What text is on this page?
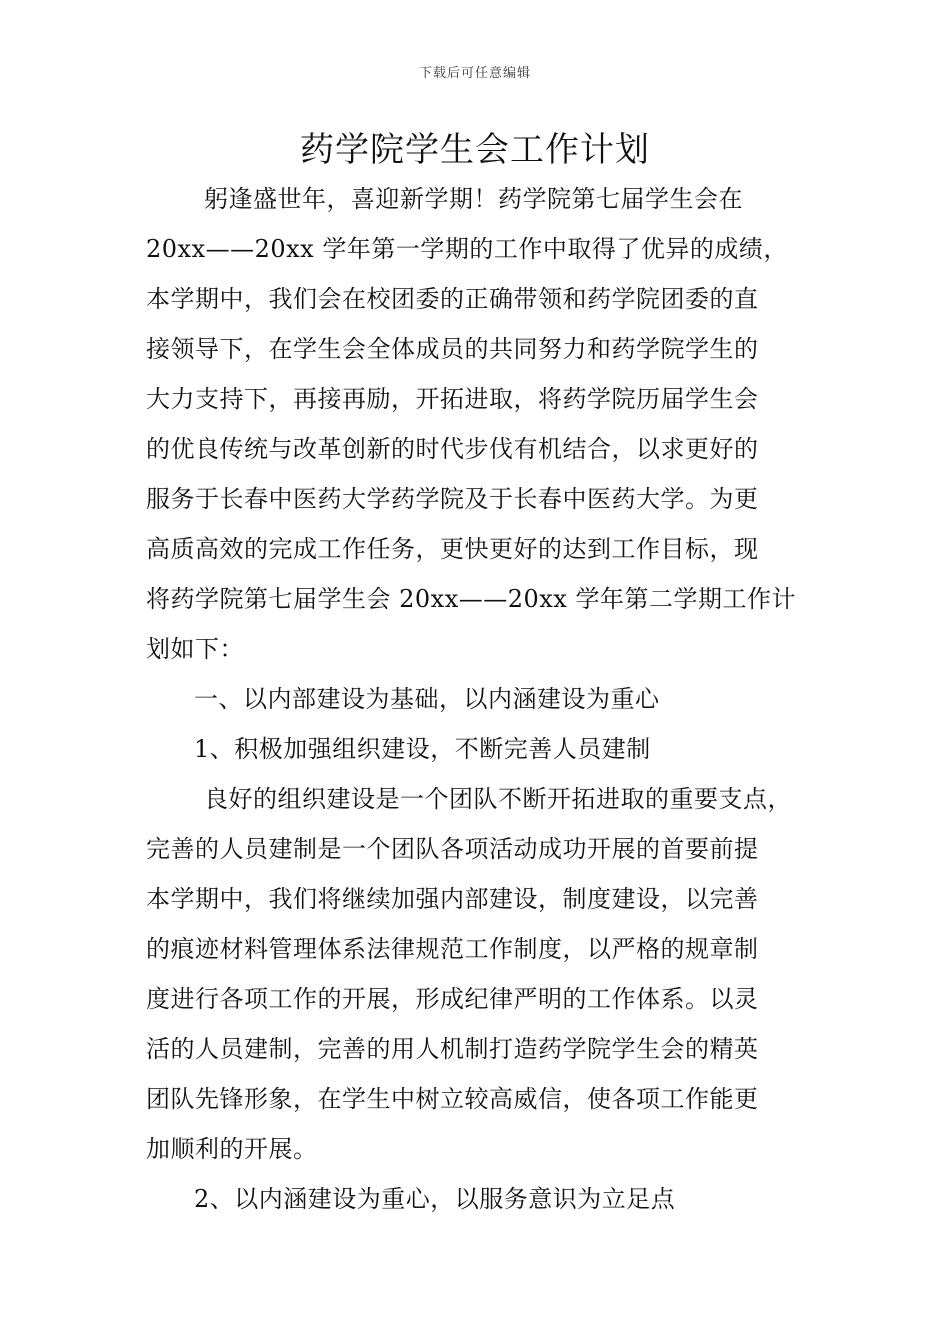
下载后可任意编辑
药学院学生会工作计划
躬逢盛世年，喜迎新学期！药学院第七届学生会在
20xx——20xx 学年第一学期的工作中取得了优异的成绩，
本学期中，我们会在校团委的正确带领和药学院团委的直
接领导下，在学生会全体成员的共同努力和药学院学生的
大力支持下，再接再励，开拓进取，将药学院历届学生会
的优良传统与改革创新的时代步伐有机结合，以求更好的
服务于长春中医药大学药学院及于长春中医药大学。为更
高质高效的完成工作任务，更快更好的达到工作目标，现
将药学院第七届学生会 20xx——20xx 学年第二学期工作计
划如下：
一、以内部建设为基础，以内涵建设为重心
1、积极加强组织建设，不断完善人员建制
良好的组织建设是一个团队不断开拓进取的重要支点，
完善的人员建制是一个团队各项活动成功开展的首要前提
本学期中，我们将继续加强内部建设，制度建设，以完善
的痕迹材料管理体系法律规范工作制度，以严格的规章制
度进行各项工作的开展，形成纪律严明的工作体系。以灵
活的人员建制，完善的用人机制打造药学院学生会的精英
团队先锋形象，在学生中树立较高威信，使各项工作能更
加顺利的开展。
2、以内涵建设为重心，以服务意识为立足点
